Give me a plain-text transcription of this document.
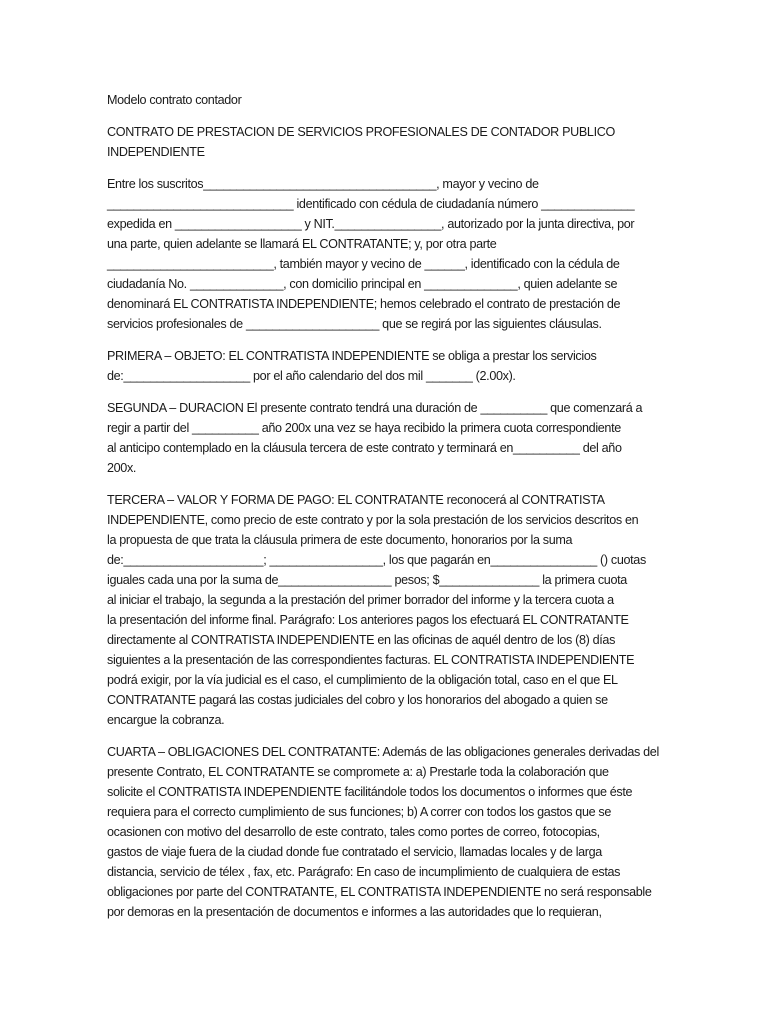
Modelo contrato contador
CONTRATO DE PRESTACION DE SERVICIOS PROFESIONALES DE CONTADOR PUBLICO
INDEPENDIENTE
Entre los suscritos___________________________________, mayor y vecino de
____________________________ identificado con cédula de ciudadanía número ______________
expedida en ___________________ y NIT.________________, autorizado por la junta directiva, por
una parte, quien adelante se llamará EL CONTRATANTE; y, por otra parte
_________________________, también mayor y vecino de ______, identificado con la cédula de
ciudadanía No. ______________, con domicilio principal en ______________, quien adelante se
denominará EL CONTRATISTA INDEPENDIENTE; hemos celebrado el contrato de prestación de
servicios profesionales de ____________________ que se regirá por las siguientes cláusulas.
PRIMERA – OBJETO: EL CONTRATISTA INDEPENDIENTE se obliga a prestar los servicios
de:___________________ por el año calendario del dos mil _______ (2.00x).
SEGUNDA – DURACION El presente contrato tendrá una duración de __________ que comenzará a
regir a partir del __________ año 200x una vez se haya recibido la primera cuota correspondiente
al anticipo contemplado en la cláusula tercera de este contrato y terminará en__________ del año
200x.
TERCERA – VALOR Y FORMA DE PAGO: EL CONTRATANTE reconocerá al CONTRATISTA
INDEPENDIENTE, como precio de este contrato y por la sola prestación de los servicios descritos en
la propuesta de que trata la cláusula primera de este documento, honorarios por la suma
de:_____________________; _________________, los que pagarán en________________ () cuotas
iguales cada una por la suma de_________________ pesos; $_______________ la primera cuota
al iniciar el trabajo, la segunda a la prestación del primer borrador del informe y la tercera cuota a
la presentación del informe final. Parágrafo: Los anteriores pagos los efectuará EL CONTRATANTE
directamente al CONTRATISTA INDEPENDIENTE en las oficinas de aquél dentro de los (8) días
siguientes a la presentación de las correspondientes facturas. EL CONTRATISTA INDEPENDIENTE
podrá exigir, por la vía judicial es el caso, el cumplimiento de la obligación total, caso en el que EL
CONTRATANTE pagará las costas judiciales del cobro y los honorarios del abogado a quien se
encargue la cobranza.
CUARTA – OBLIGACIONES DEL CONTRATANTE: Además de las obligaciones generales derivadas del
presente Contrato, EL CONTRATANTE se compromete a: a) Prestarle toda la colaboración que
solicite el CONTRATISTA INDEPENDIENTE facilitándole todos los documentos o informes que éste
requiera para el correcto cumplimiento de sus funciones; b) A correr con todos los gastos que se
ocasionen con motivo del desarrollo de este contrato, tales como portes de correo, fotocopias,
gastos de viaje fuera de la ciudad donde fue contratado el servicio, llamadas locales y de larga
distancia, servicio de télex , fax, etc. Parágrafo: En caso de incumplimiento de cualquiera de estas
obligaciones por parte del CONTRATANTE, EL CONTRATISTA INDEPENDIENTE no será responsable
por demoras en la presentación de documentos e informes a las autoridades que lo requieran,
